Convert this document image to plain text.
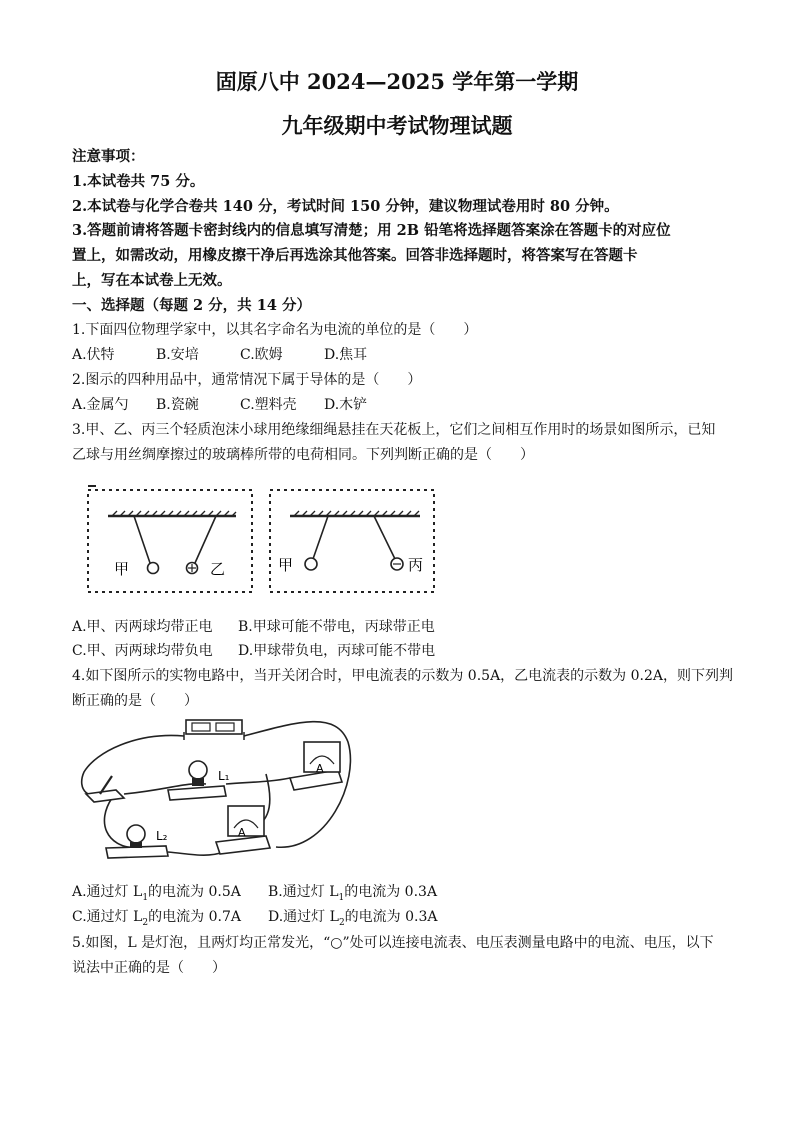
固原八中 2024—2025 学年第一学期
九年级期中考试物理试题
注意事项：
1.本试卷共 75 分。
2.本试卷与化学合卷共 140 分，考试时间 150 分钟，建议物理试卷用时 80 分钟。
3.答题前请将答题卡密封线内的信息填写清楚；用 2B 铅笔将选择题答案涂在答题卡的对应位
置上，如需改动，用橡皮擦干净后再选涂其他答案。回答非选择题时，将答案写在答题卡
上，写在本试卷上无效。
一、选择题（每题 2 分，共 14 分）
1.下面四位物理学家中，以其名字命名为电流的单位的是（　　）
A.伏特	B.安培	C.欧姆	D.焦耳
2.图示的四种用品中，通常情况下属于导体的是（　　）
A.金属勺 B.瓷碗	C.塑料壳 D.木铲
3.甲、乙、丙三个轻质泡沫小球用绝缘细绳悬挂在天花板上，它们之间相互作用时的场景如图所示，已知
乙球与用丝绸摩擦过的玻璃棒所带的电荷相同。下列判断正确的是（　　）
甲	乙	甲	丙
A.甲、丙两球均带正电 B.甲球可能不带电，丙球带正电
C.甲、丙两球均带负电 D.甲球带负电，丙球可能不带电
4.如下图所示的实物电路中，当开关闭合时，甲电流表的示数为 0.5A，乙电流表的示数为 0.2A，则下列判
断正确的是（　　）
L₁
L₂
A
A
A.通过灯 $L_1$的电流为 0.5A B.通过灯 $L_1$的电流为 0.3A
C.通过灯 $L_2$的电流为 0.7A D.通过灯 $L_2$的电流为 0.3A
5.如图，L 是灯泡，且两灯均正常发光，“○”处可以连接电流表、电压表测量电路中的电流、电压，以下
说法中正确的是（　　）
